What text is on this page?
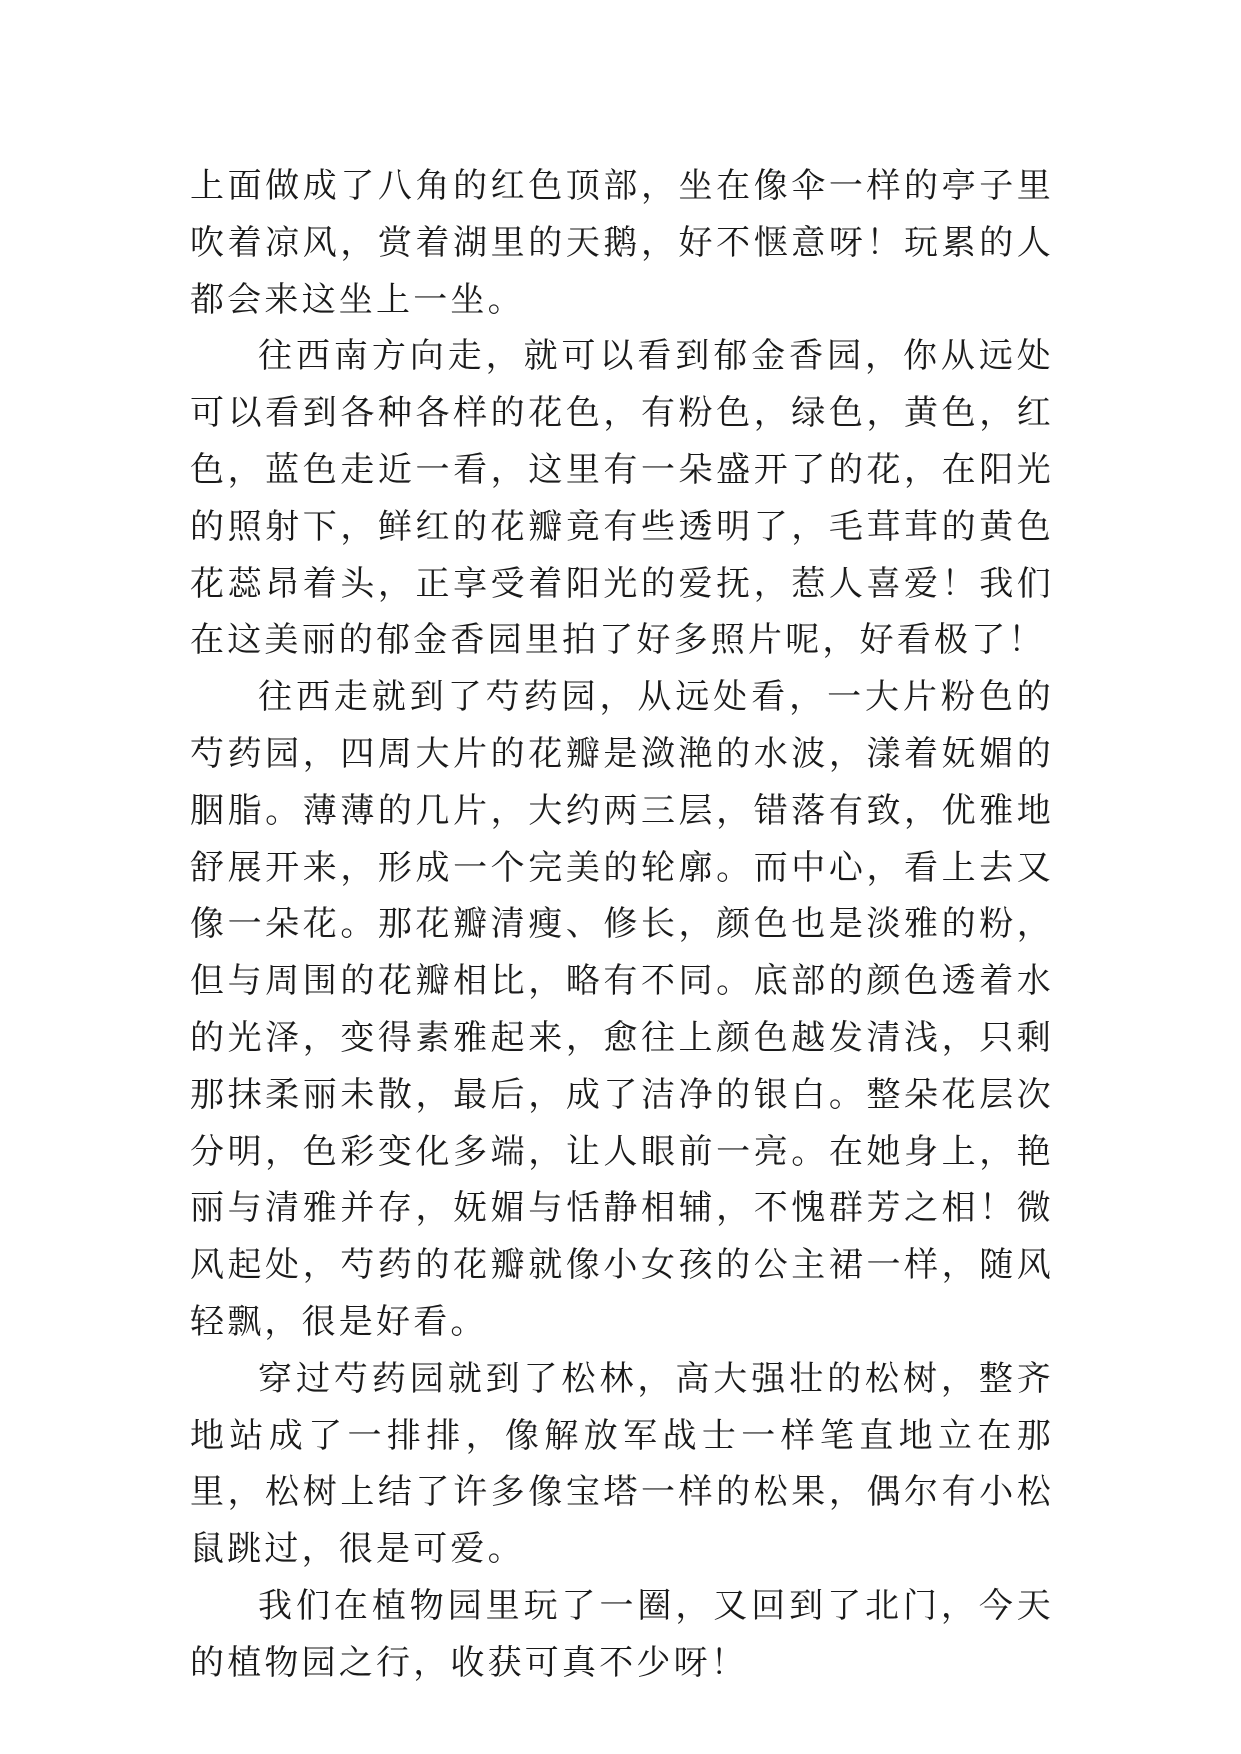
上面做成了八角的红色顶部，坐在像伞一样的亭子里吹着凉风，赏着湖里的天鹅，好不惬意呀！玩累的人都会来这坐上一坐。

往西南方向走，就可以看到郁金香园，你从远处可以看到各种各样的花色，有粉色，绿色，黄色，红色，蓝色走近一看，这里有一朵盛开了的花，在阳光的照射下，鲜红的花瓣竟有些透明了，毛茸茸的黄色花蕊昂着头，正享受着阳光的爱抚，惹人喜爱！我们在这美丽的郁金香园里拍了好多照片呢，好看极了！

往西走就到了芍药园，从远处看，一大片粉色的芍药园，四周大片的花瓣是潋滟的水波，漾着妩媚的胭脂。薄薄的几片，大约两三层，错落有致，优雅地舒展开来，形成一个完美的轮廓。而中心，看上去又像一朵花。那花瓣清瘦、修长，颜色也是淡雅的粉，但与周围的花瓣相比，略有不同。底部的颜色透着水的光泽，变得素雅起来，愈往上颜色越发清浅，只剩那抹柔丽未散，最后，成了洁净的银白。整朵花层次分明，色彩变化多端，让人眼前一亮。在她身上，艳丽与清雅并存，妩媚与恬静相辅，不愧群芳之相！微风起处，芍药的花瓣就像小女孩的公主裙一样，随风轻飘，很是好看。

穿过芍药园就到了松林，高大强壮的松树，整齐地站成了一排排，像解放军战士一样笔直地立在那里，松树上结了许多像宝塔一样的松果，偶尔有小松鼠跳过，很是可爱。

我们在植物园里玩了一圈，又回到了北门，今天的植物园之行，收获可真不少呀！
